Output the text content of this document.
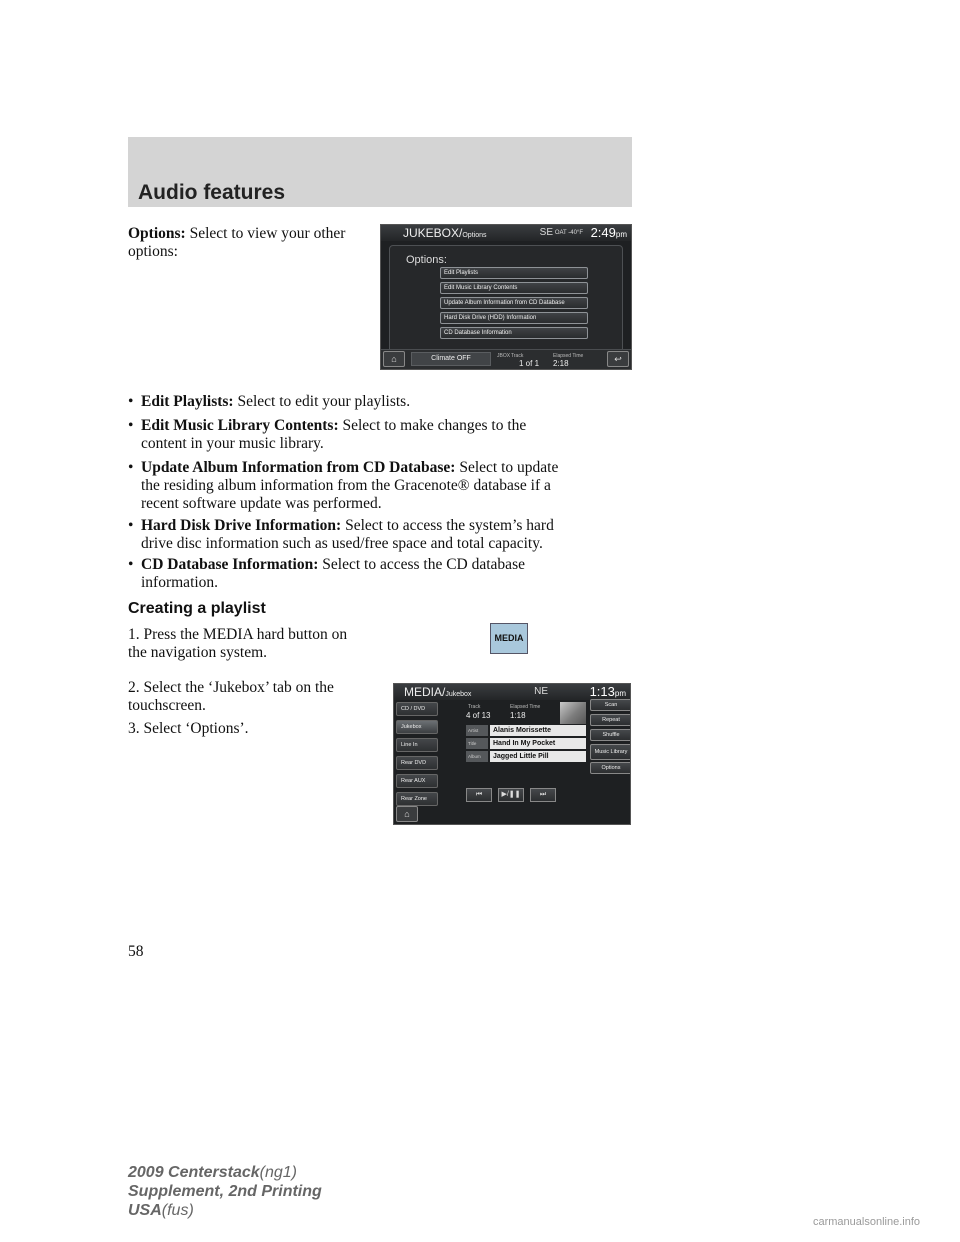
Audio features
Options: Select to view your other
options:
JUKEBOX/Options	SE OAT -40°F 2:49pm
Options:
Edit Playlists
Edit Music Library Contents
Update Album Information from CD Database
Hard Disk Drive (HDD) Information
CD Database Information
⌂	Climate OFF	JBOX Track
1 of 1
Elapsed Time
2:18	↩
• Edit Playlists: Select to edit your playlists.
• Edit Music Library Contents: Select to make changes to the
content in your music library.
• Update Album Information from CD Database: Select to update
the residing album information from the Gracenote® database if a
recent software update was performed.
• Hard Disk Drive Information: Select to access the system’s hard
drive disc information such as used/free space and total capacity.
• CD Database Information: Select to access the CD database
information.
Creating a playlist
1. Press the MEDIA hard button on
the navigation system.
2. Select the ‘Jukebox’ tab on the
touchscreen.
3. Select ‘Options’.
MEDIA
MEDIA/Jukebox	NE	1:13pm
CD / DVD
Jukebox
Line In
Rear DVD
Rear AUX
Rear Zone
Track
4 of 13
Elapsed Time
1:18
Artist	Alanis Morissette
Title	Hand In My Pocket
Album	Jagged Little Pill
Scan
Repeat
Shuffle
Music Library
Options
⏮	▶/❚❚	⏭
⌂
58
2009 Centerstack(ng1)
Supplement, 2nd Printing
USA(fus)
carmanualsonline.info
